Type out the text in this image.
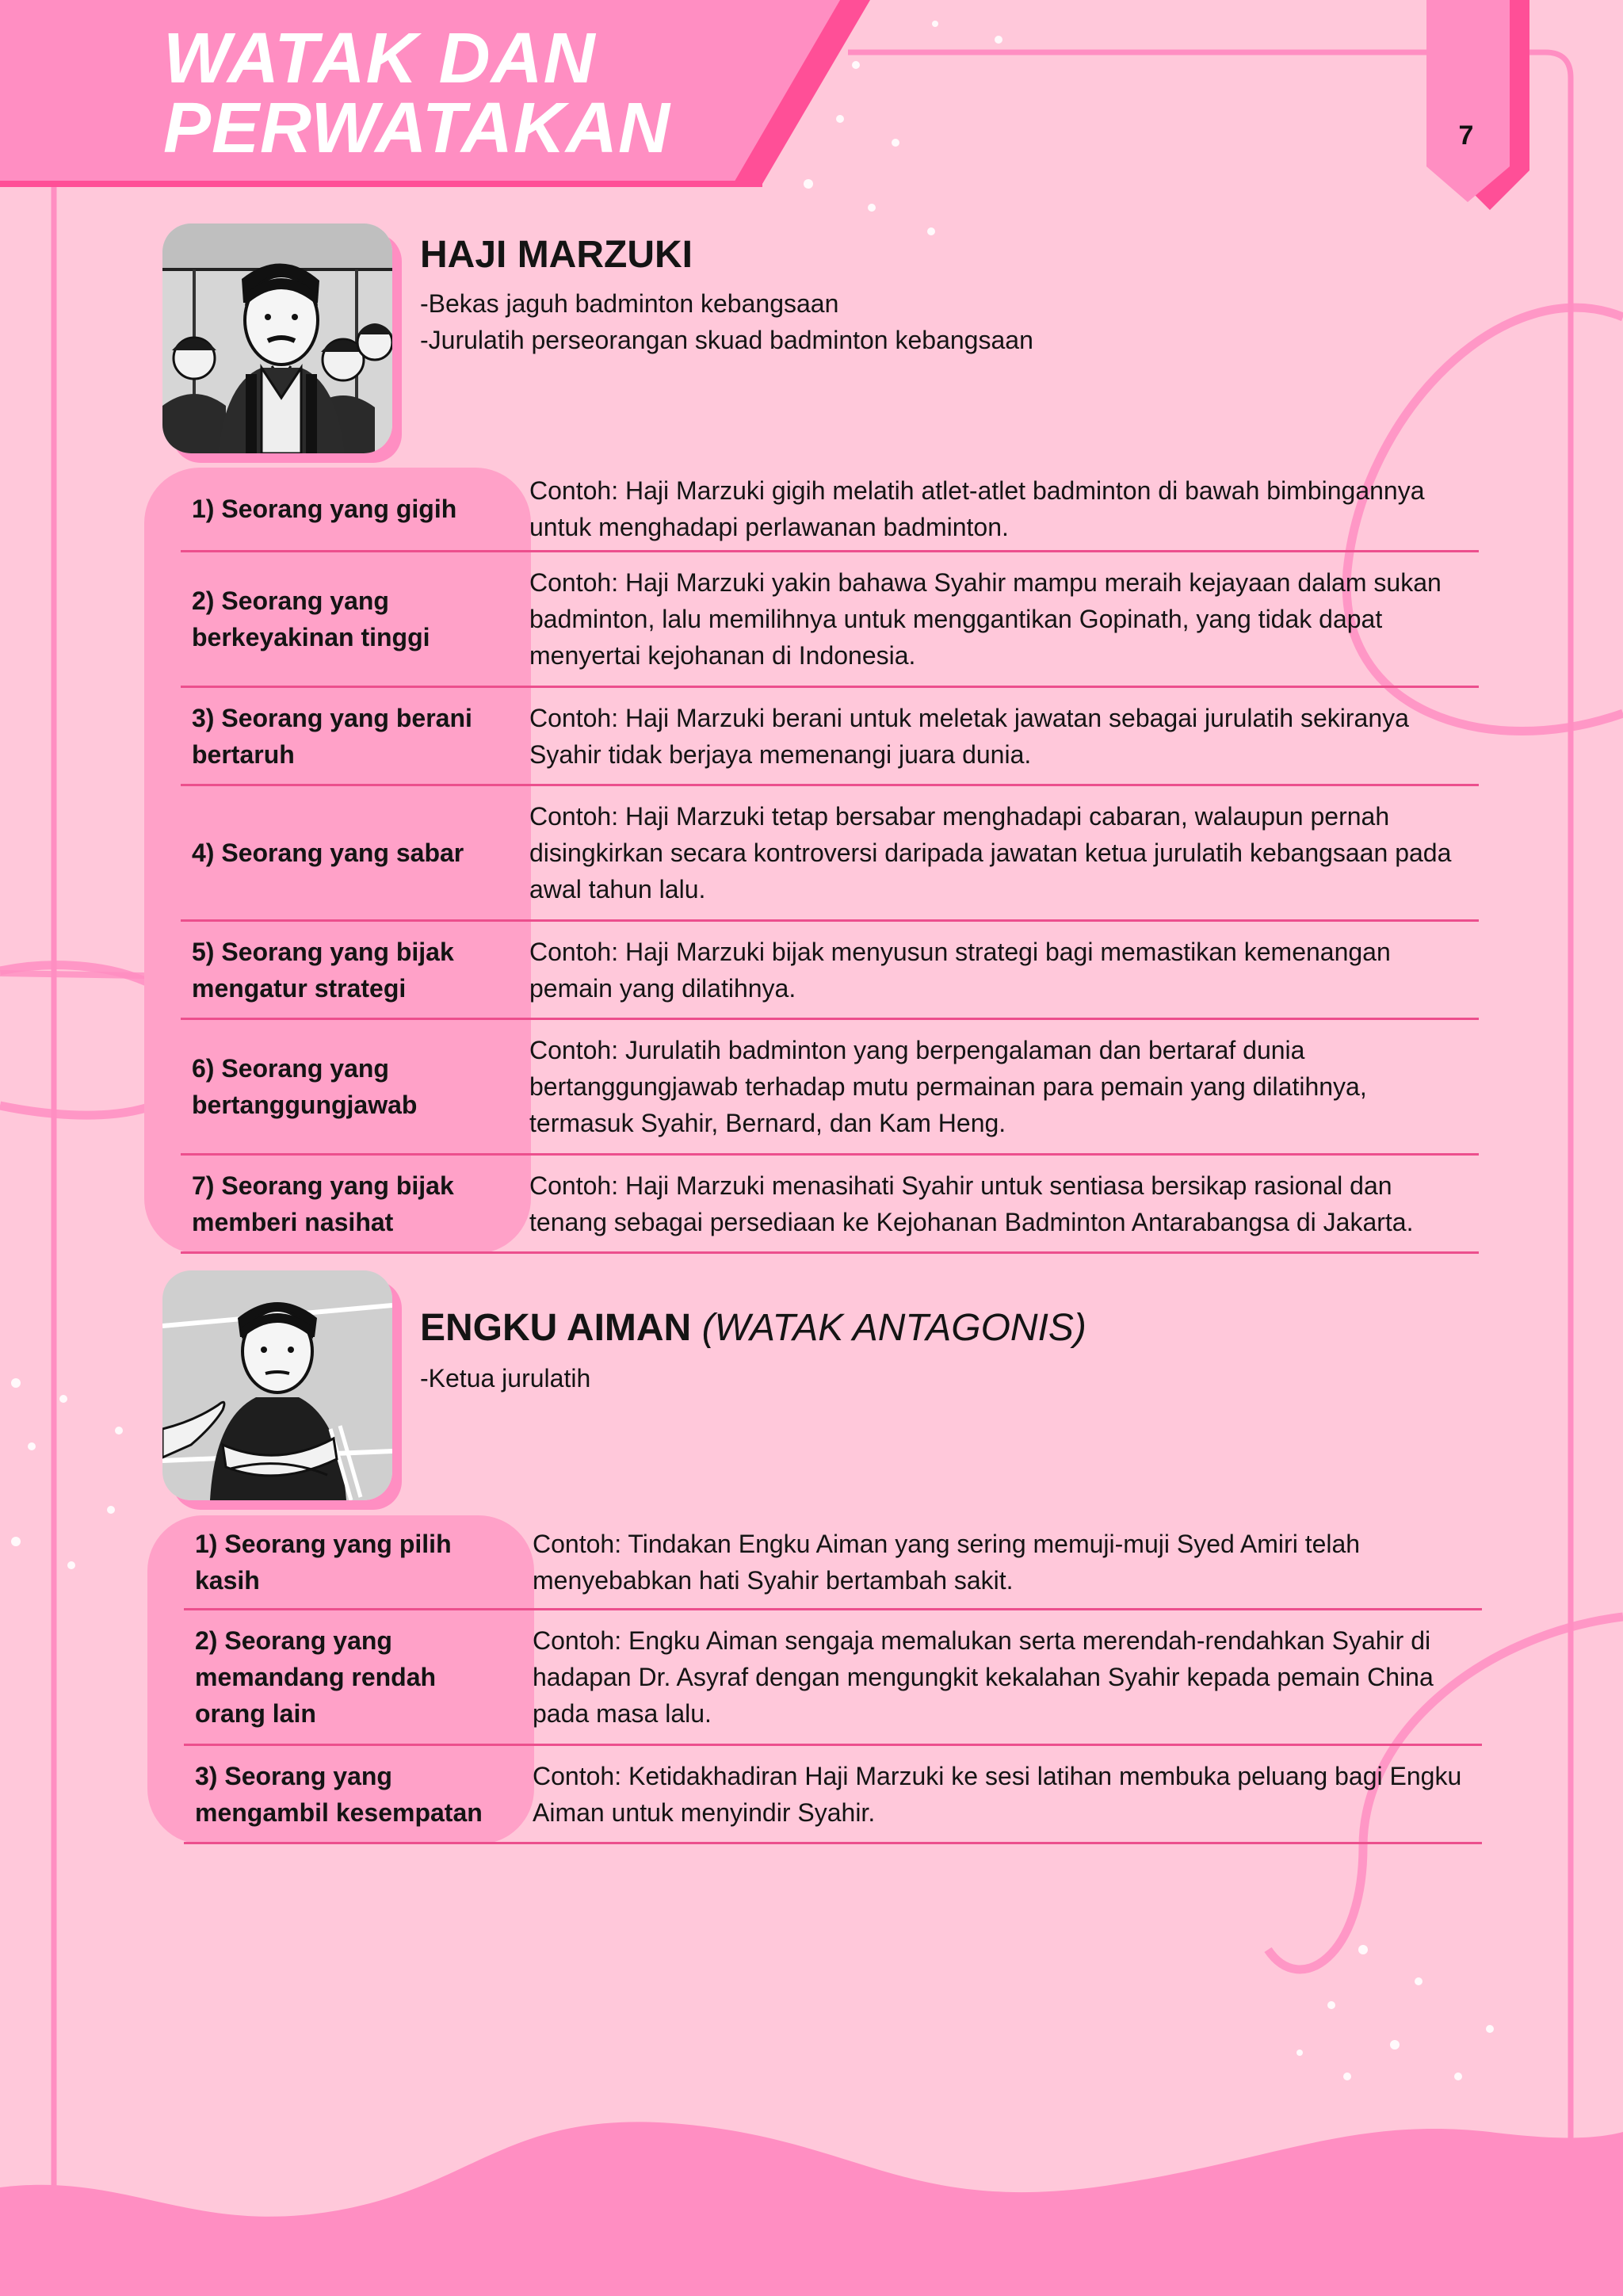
WATAK DAN
PERWATAKAN	7
HAJI MARZUKI
-Bekas jaguh badminton kebangsaan
-Jurulatih perseorangan skuad badminton kebangsaan
1) Seorang yang gigih
Contoh: Haji Marzuki gigih melatih atlet-atlet badminton di bawah bimbingannya untuk menghadapi perlawanan badminton.
2) Seorang yang berkeyakinan tinggi
Contoh: Haji Marzuki yakin bahawa Syahir mampu meraih kejayaan dalam sukan badminton, lalu memilihnya untuk menggantikan Gopinath, yang tidak dapat menyertai kejohanan di Indonesia.
3) Seorang yang berani bertaruh
Contoh: Haji Marzuki berani untuk meletak jawatan sebagai jurulatih sekiranya Syahir tidak berjaya memenangi juara dunia.
4) Seorang yang sabar
Contoh: Haji Marzuki tetap bersabar menghadapi cabaran, walaupun pernah disingkirkan secara kontroversi daripada jawatan ketua jurulatih kebangsaan pada awal tahun lalu.
5) Seorang yang bijak mengatur strategi
Contoh: Haji Marzuki bijak menyusun strategi bagi memastikan kemenangan pemain yang dilatihnya.
6) Seorang yang bertanggungjawab
Contoh: Jurulatih badminton yang berpengalaman dan bertaraf dunia bertanggungjawab terhadap mutu permainan para pemain yang dilatihnya, termasuk Syahir, Bernard, dan Kam Heng.
7) Seorang yang bijak memberi nasihat
Contoh: Haji Marzuki menasihati Syahir untuk sentiasa bersikap rasional dan tenang sebagai persediaan ke Kejohanan Badminton Antarabangsa di Jakarta.
ENGKU AIMAN (WATAK ANTAGONIS)
-Ketua jurulatih
1) Seorang yang pilih kasih
Contoh: Tindakan Engku Aiman yang sering memuji-muji Syed Amiri telah menyebabkan hati Syahir bertambah sakit.
2) Seorang yang memandang rendah orang lain
Contoh: Engku Aiman sengaja memalukan serta merendah-rendahkan Syahir di hadapan Dr. Asyraf dengan mengungkit kekalahan Syahir kepada pemain China pada masa lalu.
3) Seorang yang mengambil kesempatan
Contoh: Ketidakhadiran Haji Marzuki ke sesi latihan membuka peluang bagi Engku Aiman untuk menyindir Syahir.
